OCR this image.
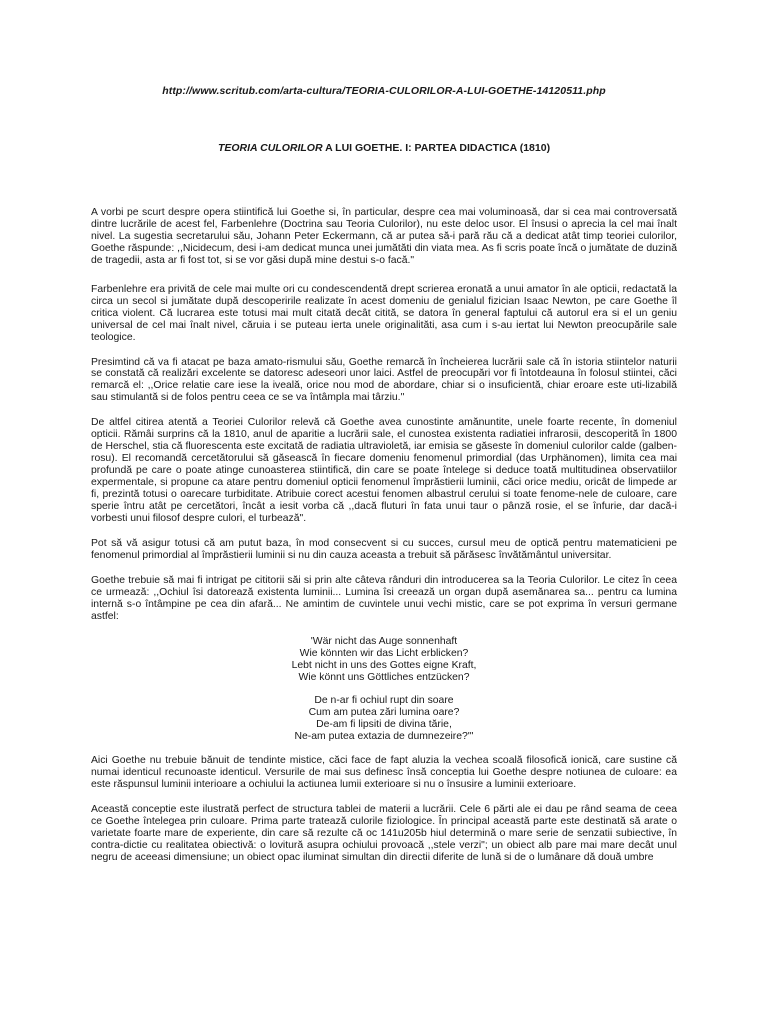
http://www.scritub.com/arta-cultura/TEORIA-CULORILOR-A-LUI-GOETHE-14120511.php
TEORIA CULORILOR A LUI GOETHE. I: PARTEA DIDACTICA (1810)

A vorbi pe scurt despre opera stiintifică lui Goethe si, în particular, despre cea mai voluminoasă, dar si cea mai controversată dintre lucrările de acest fel, Farbenlehre (Doctrina sau Teoria Culorilor), nu este deloc usor. El însusi o aprecia la cel mai înalt nivel. La sugestia secretarului său, Johann Peter Eckermann, că ar putea să-i pară rău că a dedicat atât timp teoriei culorilor, Goethe răspunde: ,,Nicidecum, desi i-am dedicat munca unei jumătăti din viata mea. As fi scris poate încă o jumătate de duzină de tragedii, asta ar fi fost tot, si se vor găsi după mine destui s-o facă."

Farbenlehre era privită de cele mai multe ori cu condescendentă drept scrierea eronată a unui amator în ale opticii, redactată la circa un secol si jumătate după descoperirile realizate în acest domeniu de genialul fizician Isaac Newton, pe care Goethe îl critica violent. Că lucrarea este totusi mai mult citată decât citită, se datora în general faptului că autorul era si el un geniu universal de cel mai înalt nivel, căruia i se puteau ierta unele originalităti, asa cum i s-au iertat lui Newton preocupările sale teologice.

Presimtind că va fi atacat pe baza amato-rismului său, Goethe remarcă în încheierea lucrării sale că în istoria stiintelor naturii se constată că realizări excelente se datoresc adeseori unor laici. Astfel de preocupări vor fi întotdeauna în folosul stiintei, căci remarcă el: ,,Orice relatie care iese la iveală, orice nou mod de abordare, chiar si o insuficientă, chiar eroare este uti-lizabilă sau stimulantă si de folos pentru ceea ce se va întâmpla mai târziu."

De altfel citirea atentă a Teoriei Culorilor relevă că Goethe avea cunostinte amănuntite, unele foarte recente, în domeniul opticii. Rămâi surprins că la 1810, anul de aparitie a lucrării sale, el cunostea existenta radiatiei infrarosii, descoperită în 1800 de Herschel, stia că fluorescenta este excitată de radiatia ultravioletă, iar emisia se găseste în domeniul culorilor calde (galben-rosu). El recomandă cercetătorului să găsească în fiecare domeniu fenomenul primordial (das Urphänomen), limita cea mai profundă pe care o poate atinge cunoasterea stiintifică, din care se poate întelege si deduce toată multitudinea observatiilor expermentale, si propune ca atare pentru domeniul opticii fenomenul împrăstierii luminii, căci orice mediu, oricât de limpede ar fi, prezintă totusi o oarecare turbiditate. Atribuie corect acestui fenomen albastrul cerului si toate fenome-nele de culoare, care sperie întru atât pe cercetători, încât a iesit vorba că ,,dacă fluturi în fata unui taur o pânză rosie, el se înfurie, dar dacă-i vorbesti unui filosof despre culori, el turbează".

Pot să vă asigur totusi că am putut baza, în mod consecvent si cu succes, cursul meu de optică pentru matematicieni pe fenomenul primordial al împrăstierii luminii si nu din cauza aceasta a trebuit să părăsesc învătământul universitar.

Goethe trebuie să mai fi intrigat pe cititorii săi si prin alte câteva rânduri din introducerea sa la Teoria Culorilor. Le citez în ceea ce urmează: ,,Ochiul îsi datorează existenta luminii... Lumina îsi creează un organ după asemănarea sa... pentru ca lumina internă s-o întâmpine pe cea din afară... Ne amintim de cuvintele unui vechi mistic, care se pot exprima în versuri germane astfel:

'Wär nicht das Auge sonnenhaft
Wie könnten wir das Licht erblicken?
Lebt nicht in uns des Gottes eigne Kraft,
Wie könnt uns Göttliches entzücken?
De n-ar fi ochiul rupt din soare
Cum am putea zări lumina oare?
De-am fi lipsiti de divina tărie,
Ne-am putea extazia de dumnezeire?'"

Aici Goethe nu trebuie bănuit de tendinte mistice, căci face de fapt aluzia la vechea scoală filosofică ionică, care sustine că numai identicul recunoaste identicul. Versurile de mai sus definesc însă conceptia lui Goethe despre notiunea de culoare: ea este răspunsul luminii interioare a ochiului la actiunea lumii exterioare si nu o însusire a luminii exterioare.

Această conceptie este ilustrată perfect de structura tablei de materii a lucrării. Cele 6 părti ale ei dau pe rând seama de ceea ce Goethe întelegea prin culoare. Prima parte tratează culorile fiziologice. În principal această parte este destinată să arate o varietate foarte mare de experiente, din care să rezulte că oc 141u205b hiul determină o mare serie de senzatii subiective, în contra-dictie cu realitatea obiectivă: o lovitură asupra ochiului provoacă ,,stele verzi"; un obiect alb pare mai mare decât unul negru de aceeasi dimensiune; un obiect opac iluminat simultan din directii diferite de lună si de o lumânare dă două umbre
